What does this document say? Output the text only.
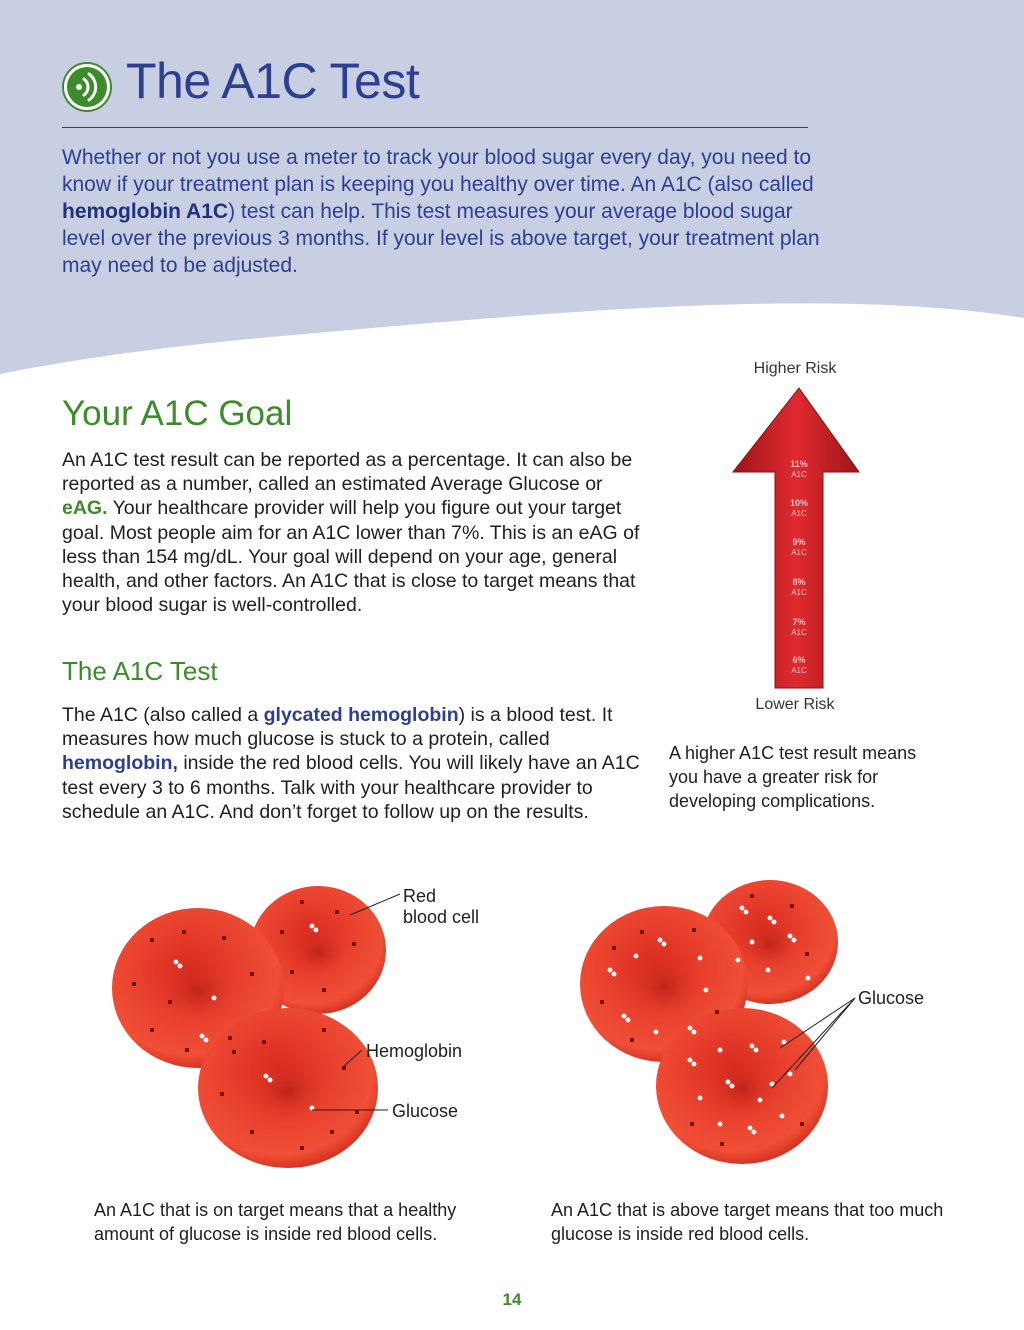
The A1C Test

Whether or not you use a meter to track your blood sugar every day, you need to know if your treatment plan is keeping you healthy over time. An A1C (also called hemoglobin A1C) test can help. This test measures your average blood sugar level over the previous 3 months. If your level is above target, your treatment plan may need to be adjusted.

Your A1C Goal

An A1C test result can be reported as a percentage. It can also be reported as a number, called an estimated Average Glucose or eAG. Your healthcare provider will help you figure out your target goal. Most people aim for an A1C lower than 7%. This is an eAG of less than 154 mg/dL. Your goal will depend on your age, general health, and other factors. An A1C that is close to target means that your blood sugar is well-controlled.

The A1C Test

The A1C (also called a glycated hemoglobin) is a blood test. It measures how much glucose is stuck to a protein, called hemoglobin, inside the red blood cells. You will likely have an A1C test every 3 to 6 months. Talk with your healthcare provider to schedule an A1C. And don’t forget to follow up on the results.

Higher Risk
11%
A1C
10%
A1C
9%
A1C
8%
A1C
7%
A1C
6%
A1C
Lower Risk

A higher A1C test result means you have a greater risk for developing complications.

Red
blood cell
Hemoglobin
Glucose
Glucose

An A1C that is on target means that a healthy amount of glucose is inside red blood cells.

An A1C that is above target means that too much glucose is inside red blood cells.

14
